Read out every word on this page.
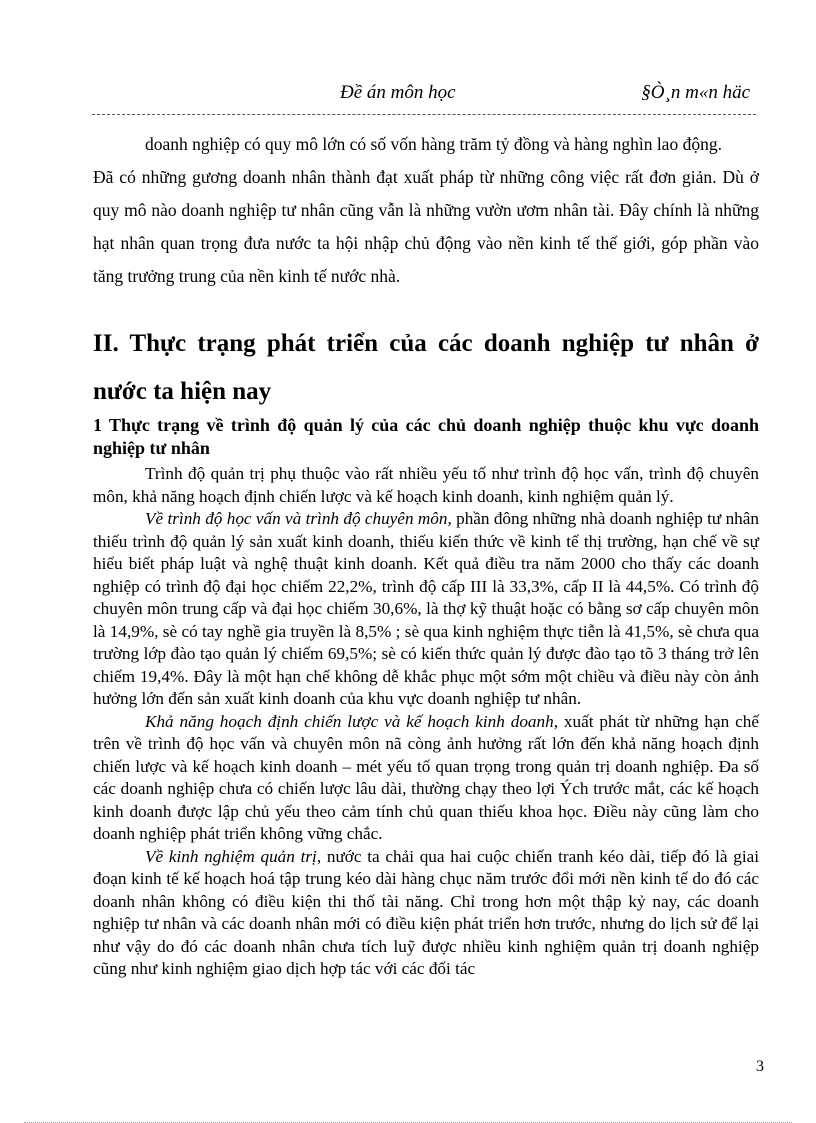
Đề án môn học	§Ò¸n m«n häc
doanh nghiệp có quy mô lớn có số vốn hàng trăm tỷ đồng và hàng nghìn lao động.
Đã có những gương doanh nhân thành đạt xuất pháp từ những công việc rất đơn giản. Dù ở quy mô nào doanh nghiệp tư nhân cũng vẫn là những vườn ươm nhân tài. Đây chính là những hạt nhân quan trọng đưa nước ta hội nhập chủ động vào nền kinh tế thế giới, góp phần vào tăng trưởng trung của nền kinh tế nước nhà.
II. Thực trạng phát triển của các doanh nghiệp tư nhân ở nước ta hiện nay
1 Thực trạng về trình độ quản lý của các chủ doanh nghiệp thuộc khu vực doanh nghiệp tư nhân

Trình độ quản trị phụ thuộc vào rất nhiều yếu tố như trình độ học vấn, trình độ chuyên môn, khả năng hoạch định chiến lược và kế hoạch kinh doanh, kinh nghiệm quản lý.

Về trình độ học vấn và trình độ chuyên môn, phần đông những nhà doanh nghiệp tư nhân thiếu trình độ quản lý sản xuất kinh doanh, thiếu kiến thức về kinh tế thị trường, hạn chế về sự hiểu biết pháp luật và nghệ thuật kinh doanh. Kết quả điều tra năm 2000 cho thấy các doanh nghiệp có trình độ đại học chiếm 22,2%, trình độ cấp III là 33,3%, cấp II là 44,5%. Có trình độ chuyên môn trung cấp và đại học chiếm 30,6%, là thợ kỹ thuật hoặc có bằng sơ cấp chuyên môn là 14,9%, sè có tay nghề gia truyền là 8,5% ; sè qua kinh nghiệm thực tiễn là 41,5%, sè chưa qua trường lớp đào tạo quản lý chiếm 69,5%; sè có kiến thức quản lý được đào tạo tõ 3 tháng trở lên chiếm 19,4%. Đây là một hạn chế không dễ khắc phục một sớm một chiều và điều này còn ảnh hưởng lớn đến sản xuất kinh doanh của khu vực doanh nghiệp tư nhân.

Khả năng hoạch định chiến lược và kế hoạch kinh doanh, xuất phát từ những hạn chế trên về trình độ học vấn và chuyên môn nã còng ảnh hưởng rất lớn đến khả năng hoạch định chiến lược và kế hoạch kinh doanh – mét yếu tố quan trọng trong quản trị doanh nghiệp. Đa số các doanh nghiệp chưa có chiến lược lâu dài, thường chạy theo lợi Ých trước mắt, các kế hoạch kinh doanh được lập chủ yếu theo cảm tính chủ quan thiếu khoa học. Điều này cũng làm cho doanh nghiệp phát triển không vững chắc.

Về kinh nghiệm quản trị, nước ta chải qua hai cuộc chiến tranh kéo dài, tiếp đó là giai đoạn kinh tế kế hoạch hoá tập trung kéo dài hàng chục năm trước đổi mới nền kinh tế do đó các doanh nhân không có điều kiện thi thố tài năng. Chỉ trong hơn một thập kỷ nay, các doanh nghiệp tư nhân và các doanh nhân mới có điều kiện phát triển hơn trước, nhưng do lịch sử để lại như vậy do đó các doanh nhân chưa tích luỹ được nhiều kinh nghiệm quản trị doanh nghiệp cũng như kinh nghiệm giao dịch hợp tác với các đối tác

3
